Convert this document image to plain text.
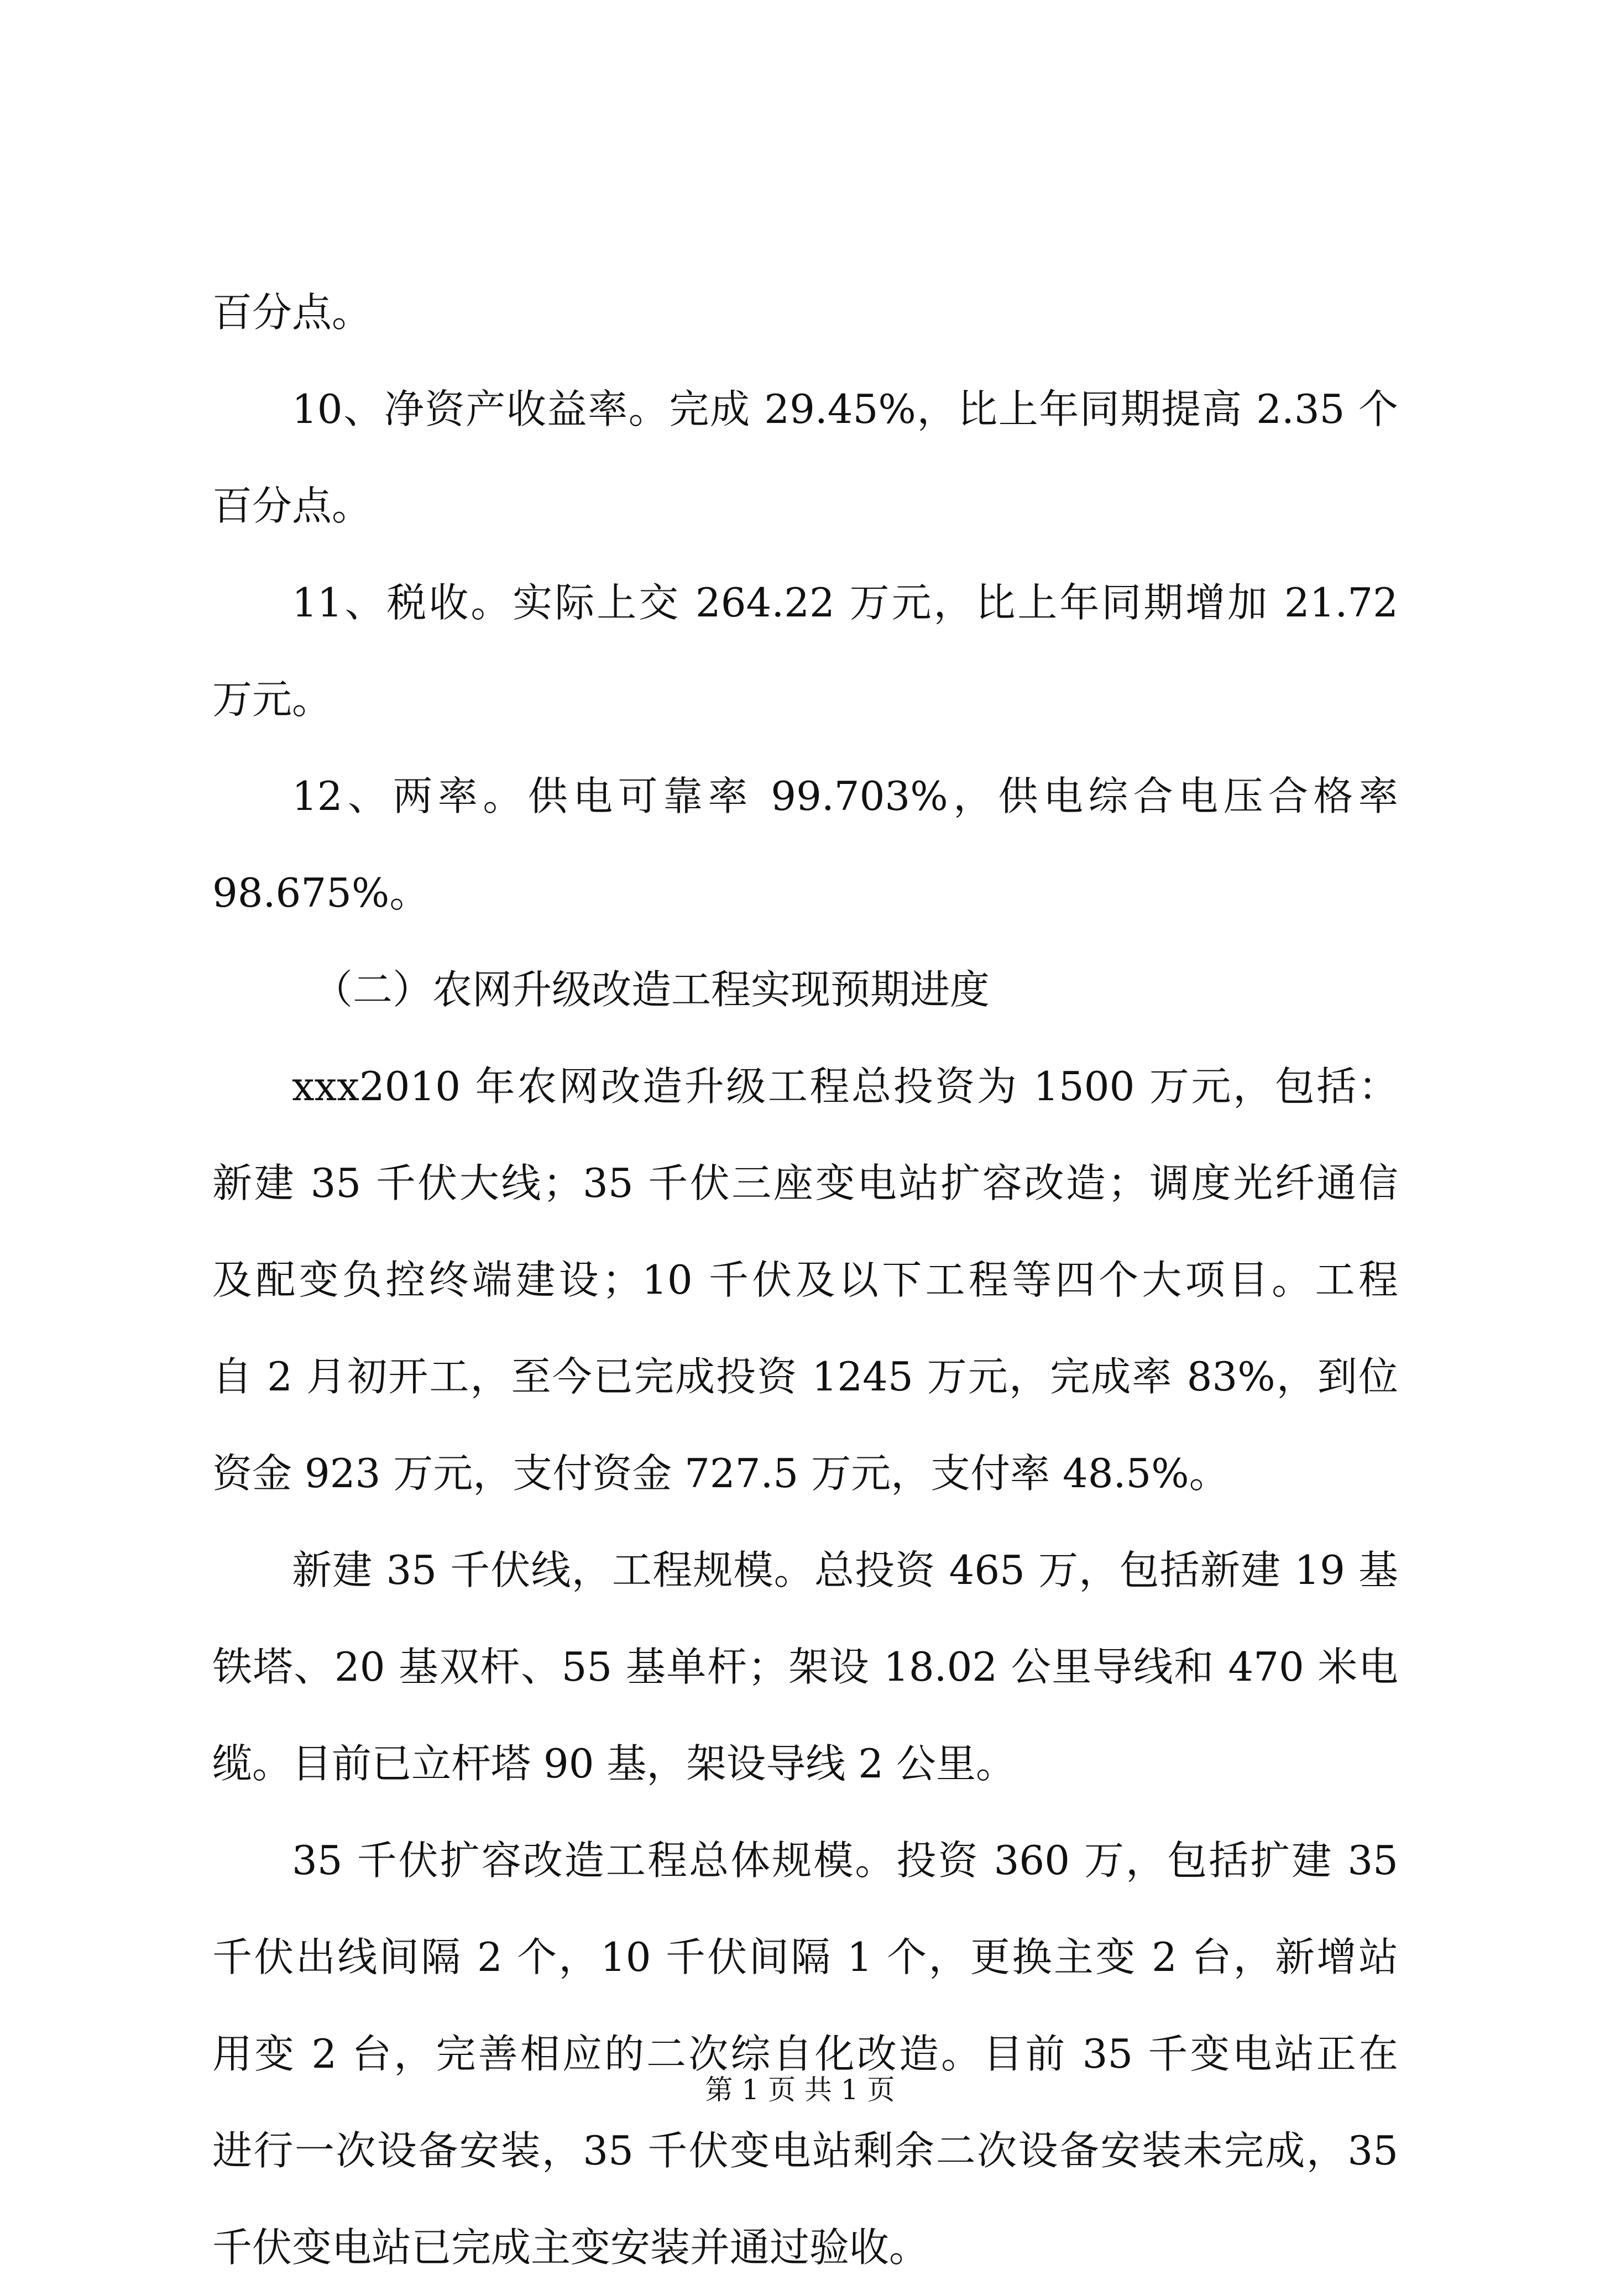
百分点。
10、净资产收益率。完成 29.45%，比上年同期提高 2.35 个
百分点。
11、税收。实际上交 264.22 万元，比上年同期增加 21.72
万元。
12、两率。供电可靠率 99.703%，供电综合电压合格率
98.675%。
（二）农网升级改造工程实现预期进度
xxx2010 年农网改造升级工程总投资为 1500 万元，包括：
新建 35 千伏大线；35 千伏三座变电站扩容改造；调度光纤通信
及配变负控终端建设；10 千伏及以下工程等四个大项目。工程
自 2 月初开工，至今已完成投资 1245 万元，完成率 83%，到位
资金 923 万元，支付资金 727.5 万元，支付率 48.5%。
新建 35 千伏线，工程规模。总投资 465 万，包括新建 19 基
铁塔、20 基双杆、55 基单杆；架设 18.02 公里导线和 470 米电
缆。目前已立杆塔 90 基，架设导线 2 公里。
35 千伏扩容改造工程总体规模。投资 360 万，包括扩建 35
千伏出线间隔 2 个，10 千伏间隔 1 个，更换主变 2 台，新增站
用变 2 台，完善相应的二次综自化改造。目前 35 千变电站正在
进行一次设备安装，35 千伏变电站剩余二次设备安装未完成，35
千伏变电站已完成主变安装并通过验收。
第 1 页 共 1 页
